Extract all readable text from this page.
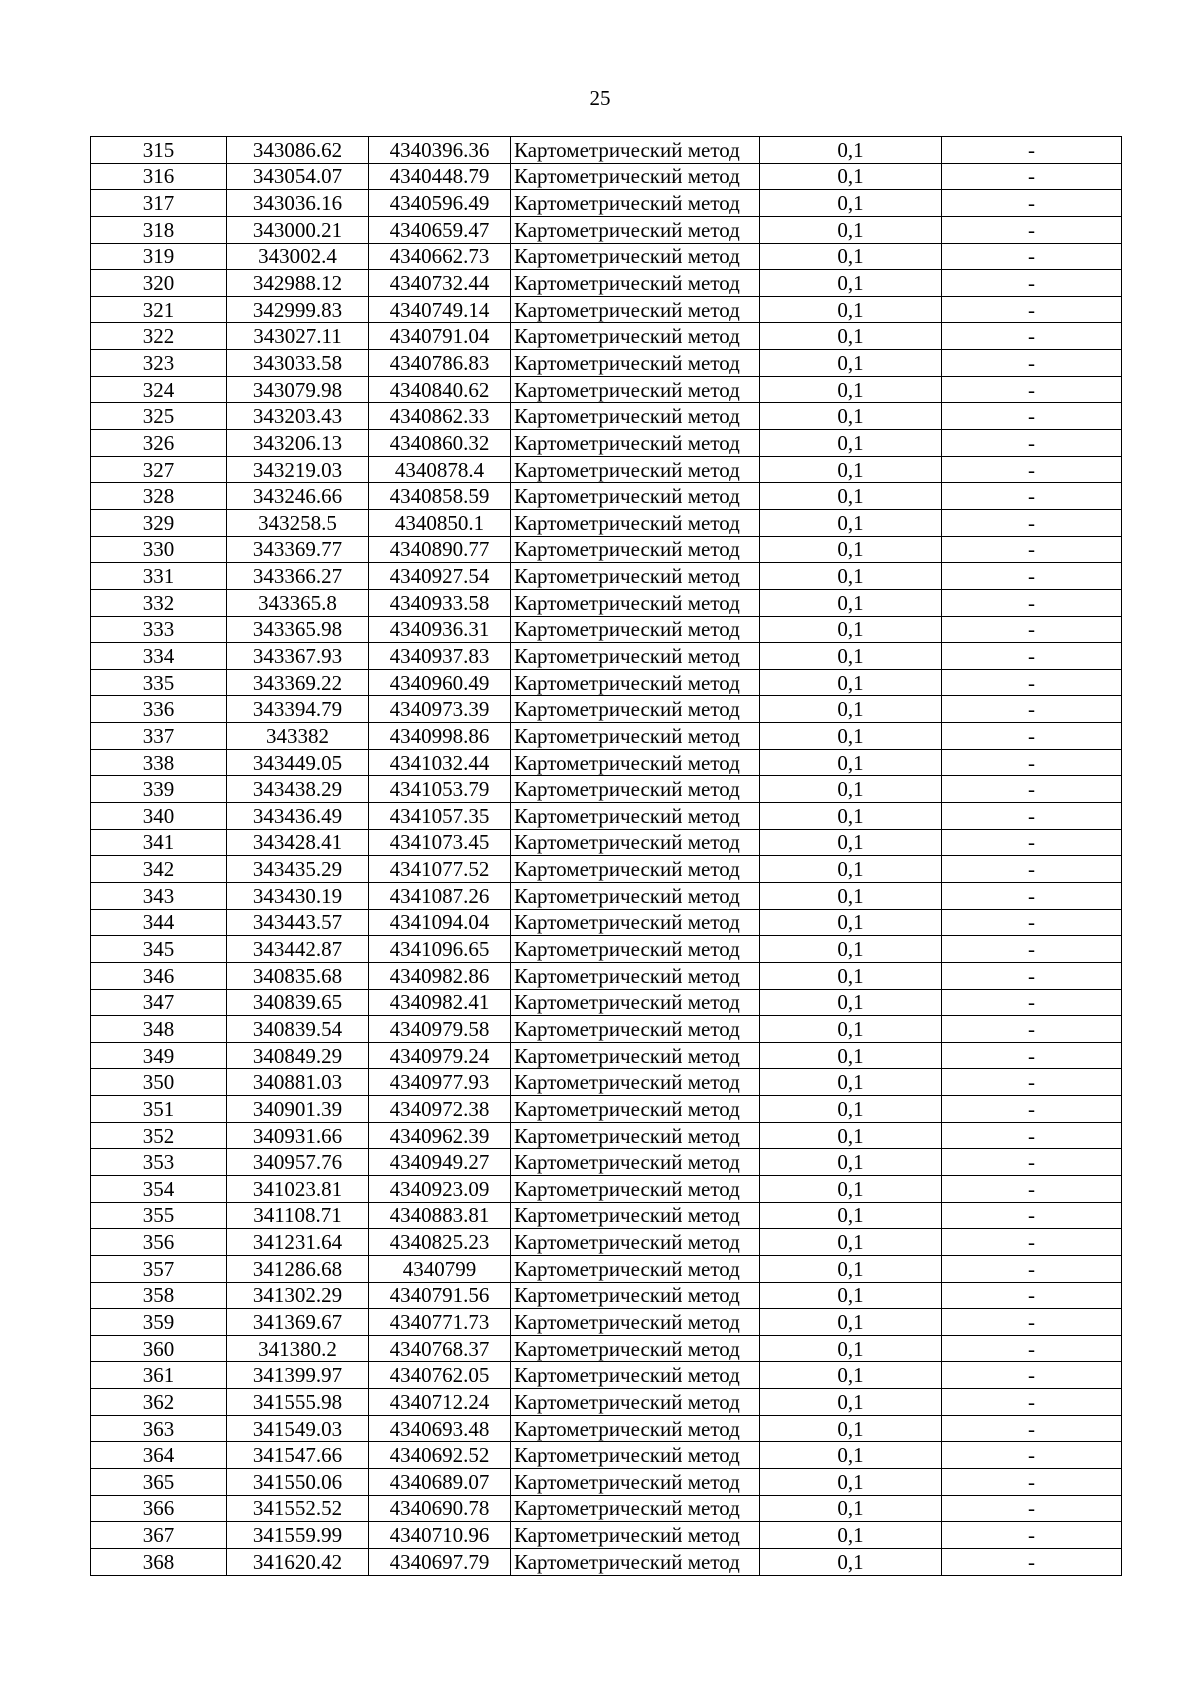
25
315	343086.62	4340396.36	Картометрический метод	0,1	-
316	343054.07	4340448.79	Картометрический метод	0,1	-
317	343036.16	4340596.49	Картометрический метод	0,1	-
318	343000.21	4340659.47	Картометрический метод	0,1	-
319	343002.4	4340662.73	Картометрический метод	0,1	-
320	342988.12	4340732.44	Картометрический метод	0,1	-
321	342999.83	4340749.14	Картометрический метод	0,1	-
322	343027.11	4340791.04	Картометрический метод	0,1	-
323	343033.58	4340786.83	Картометрический метод	0,1	-
324	343079.98	4340840.62	Картометрический метод	0,1	-
325	343203.43	4340862.33	Картометрический метод	0,1	-
326	343206.13	4340860.32	Картометрический метод	0,1	-
327	343219.03	4340878.4	Картометрический метод	0,1	-
328	343246.66	4340858.59	Картометрический метод	0,1	-
329	343258.5	4340850.1	Картометрический метод	0,1	-
330	343369.77	4340890.77	Картометрический метод	0,1	-
331	343366.27	4340927.54	Картометрический метод	0,1	-
332	343365.8	4340933.58	Картометрический метод	0,1	-
333	343365.98	4340936.31	Картометрический метод	0,1	-
334	343367.93	4340937.83	Картометрический метод	0,1	-
335	343369.22	4340960.49	Картометрический метод	0,1	-
336	343394.79	4340973.39	Картометрический метод	0,1	-
337	343382	4340998.86	Картометрический метод	0,1	-
338	343449.05	4341032.44	Картометрический метод	0,1	-
339	343438.29	4341053.79	Картометрический метод	0,1	-
340	343436.49	4341057.35	Картометрический метод	0,1	-
341	343428.41	4341073.45	Картометрический метод	0,1	-
342	343435.29	4341077.52	Картометрический метод	0,1	-
343	343430.19	4341087.26	Картометрический метод	0,1	-
344	343443.57	4341094.04	Картометрический метод	0,1	-
345	343442.87	4341096.65	Картометрический метод	0,1	-
346	340835.68	4340982.86	Картометрический метод	0,1	-
347	340839.65	4340982.41	Картометрический метод	0,1	-
348	340839.54	4340979.58	Картометрический метод	0,1	-
349	340849.29	4340979.24	Картометрический метод	0,1	-
350	340881.03	4340977.93	Картометрический метод	0,1	-
351	340901.39	4340972.38	Картометрический метод	0,1	-
352	340931.66	4340962.39	Картометрический метод	0,1	-
353	340957.76	4340949.27	Картометрический метод	0,1	-
354	341023.81	4340923.09	Картометрический метод	0,1	-
355	341108.71	4340883.81	Картометрический метод	0,1	-
356	341231.64	4340825.23	Картометрический метод	0,1	-
357	341286.68	4340799	Картометрический метод	0,1	-
358	341302.29	4340791.56	Картометрический метод	0,1	-
359	341369.67	4340771.73	Картометрический метод	0,1	-
360	341380.2	4340768.37	Картометрический метод	0,1	-
361	341399.97	4340762.05	Картометрический метод	0,1	-
362	341555.98	4340712.24	Картометрический метод	0,1	-
363	341549.03	4340693.48	Картометрический метод	0,1	-
364	341547.66	4340692.52	Картометрический метод	0,1	-
365	341550.06	4340689.07	Картометрический метод	0,1	-
366	341552.52	4340690.78	Картометрический метод	0,1	-
367	341559.99	4340710.96	Картометрический метод	0,1	-
368	341620.42	4340697.79	Картометрический метод	0,1	-
